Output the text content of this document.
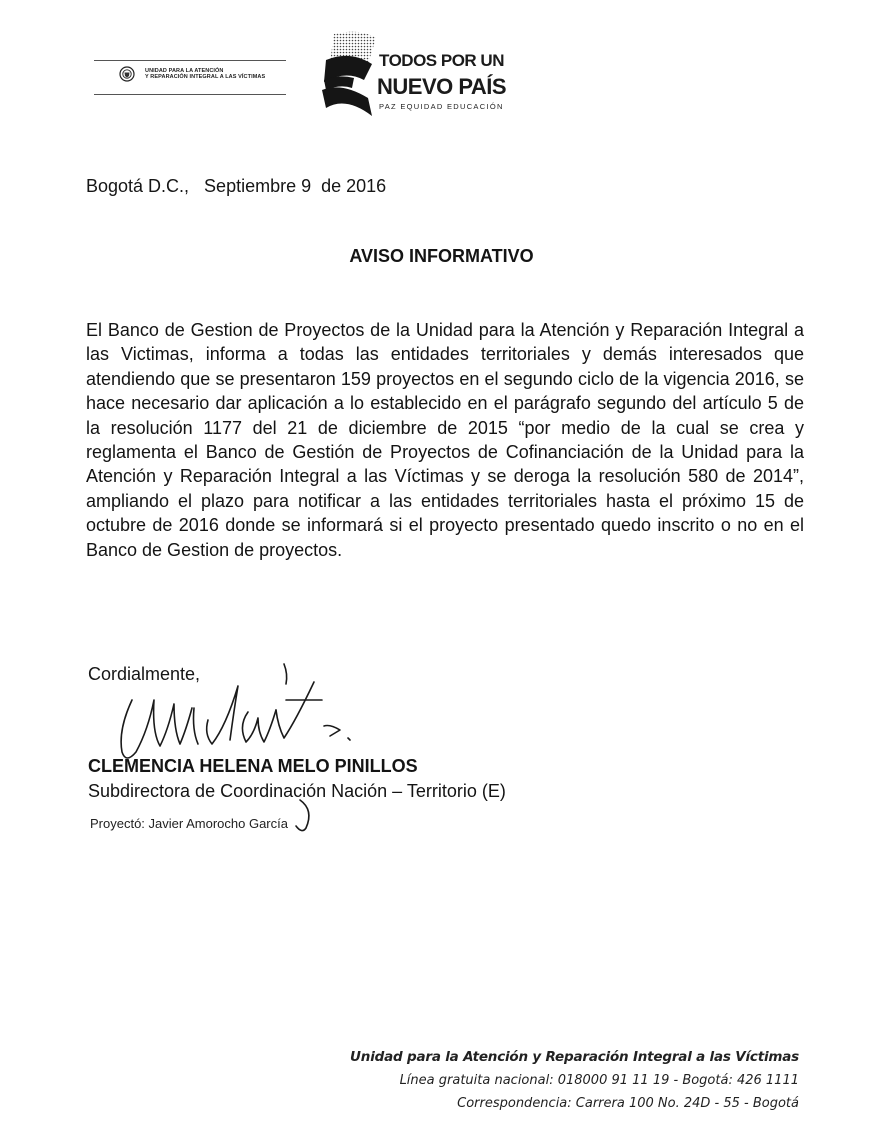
UNIDAD PARA LA ATENCIÓN
Y REPARACIÓN INTEGRAL A LAS VÍCTIMAS
TODOS POR UN
NUEVO PAÍS
PAZ EQUIDAD EDUCACIÓN
Bogotá D.C.,   Septiembre 9  de 2016
AVISO INFORMATIVO
El Banco de Gestion de Proyectos de la Unidad para la Atención y Reparación Integral a las Victimas, informa a todas las entidades territoriales y demás interesados que atendiendo que se presentaron 159 proyectos en el segundo ciclo de la vigencia 2016, se hace necesario dar aplicación a lo establecido en el parágrafo segundo del artículo 5 de la resolución 1177 del 21 de diciembre de 2015 “por medio de la cual se crea y reglamenta el Banco de Gestión de Proyectos de Cofinanciación de la Unidad para la Atención y Reparación Integral a las Víctimas y se deroga la resolución 580 de 2014”, ampliando el plazo para notificar a las entidades territoriales hasta el próximo 15 de octubre de 2016 donde se informará si el proyecto presentado quedo inscrito o no en el Banco de Gestion de proyectos.
Cordialmente,
CLEMENCIA HELENA MELO PINILLOS
Subdirectora de Coordinación Nación – Territorio (E)
Proyectó: Javier Amorocho García
Unidad para la Atención y Reparación Integral a las Víctimas
Línea gratuita nacional: 018000 91 11 19 - Bogotá: 426 1111
Correspondencia: Carrera 100 No. 24D - 55 - Bogotá
